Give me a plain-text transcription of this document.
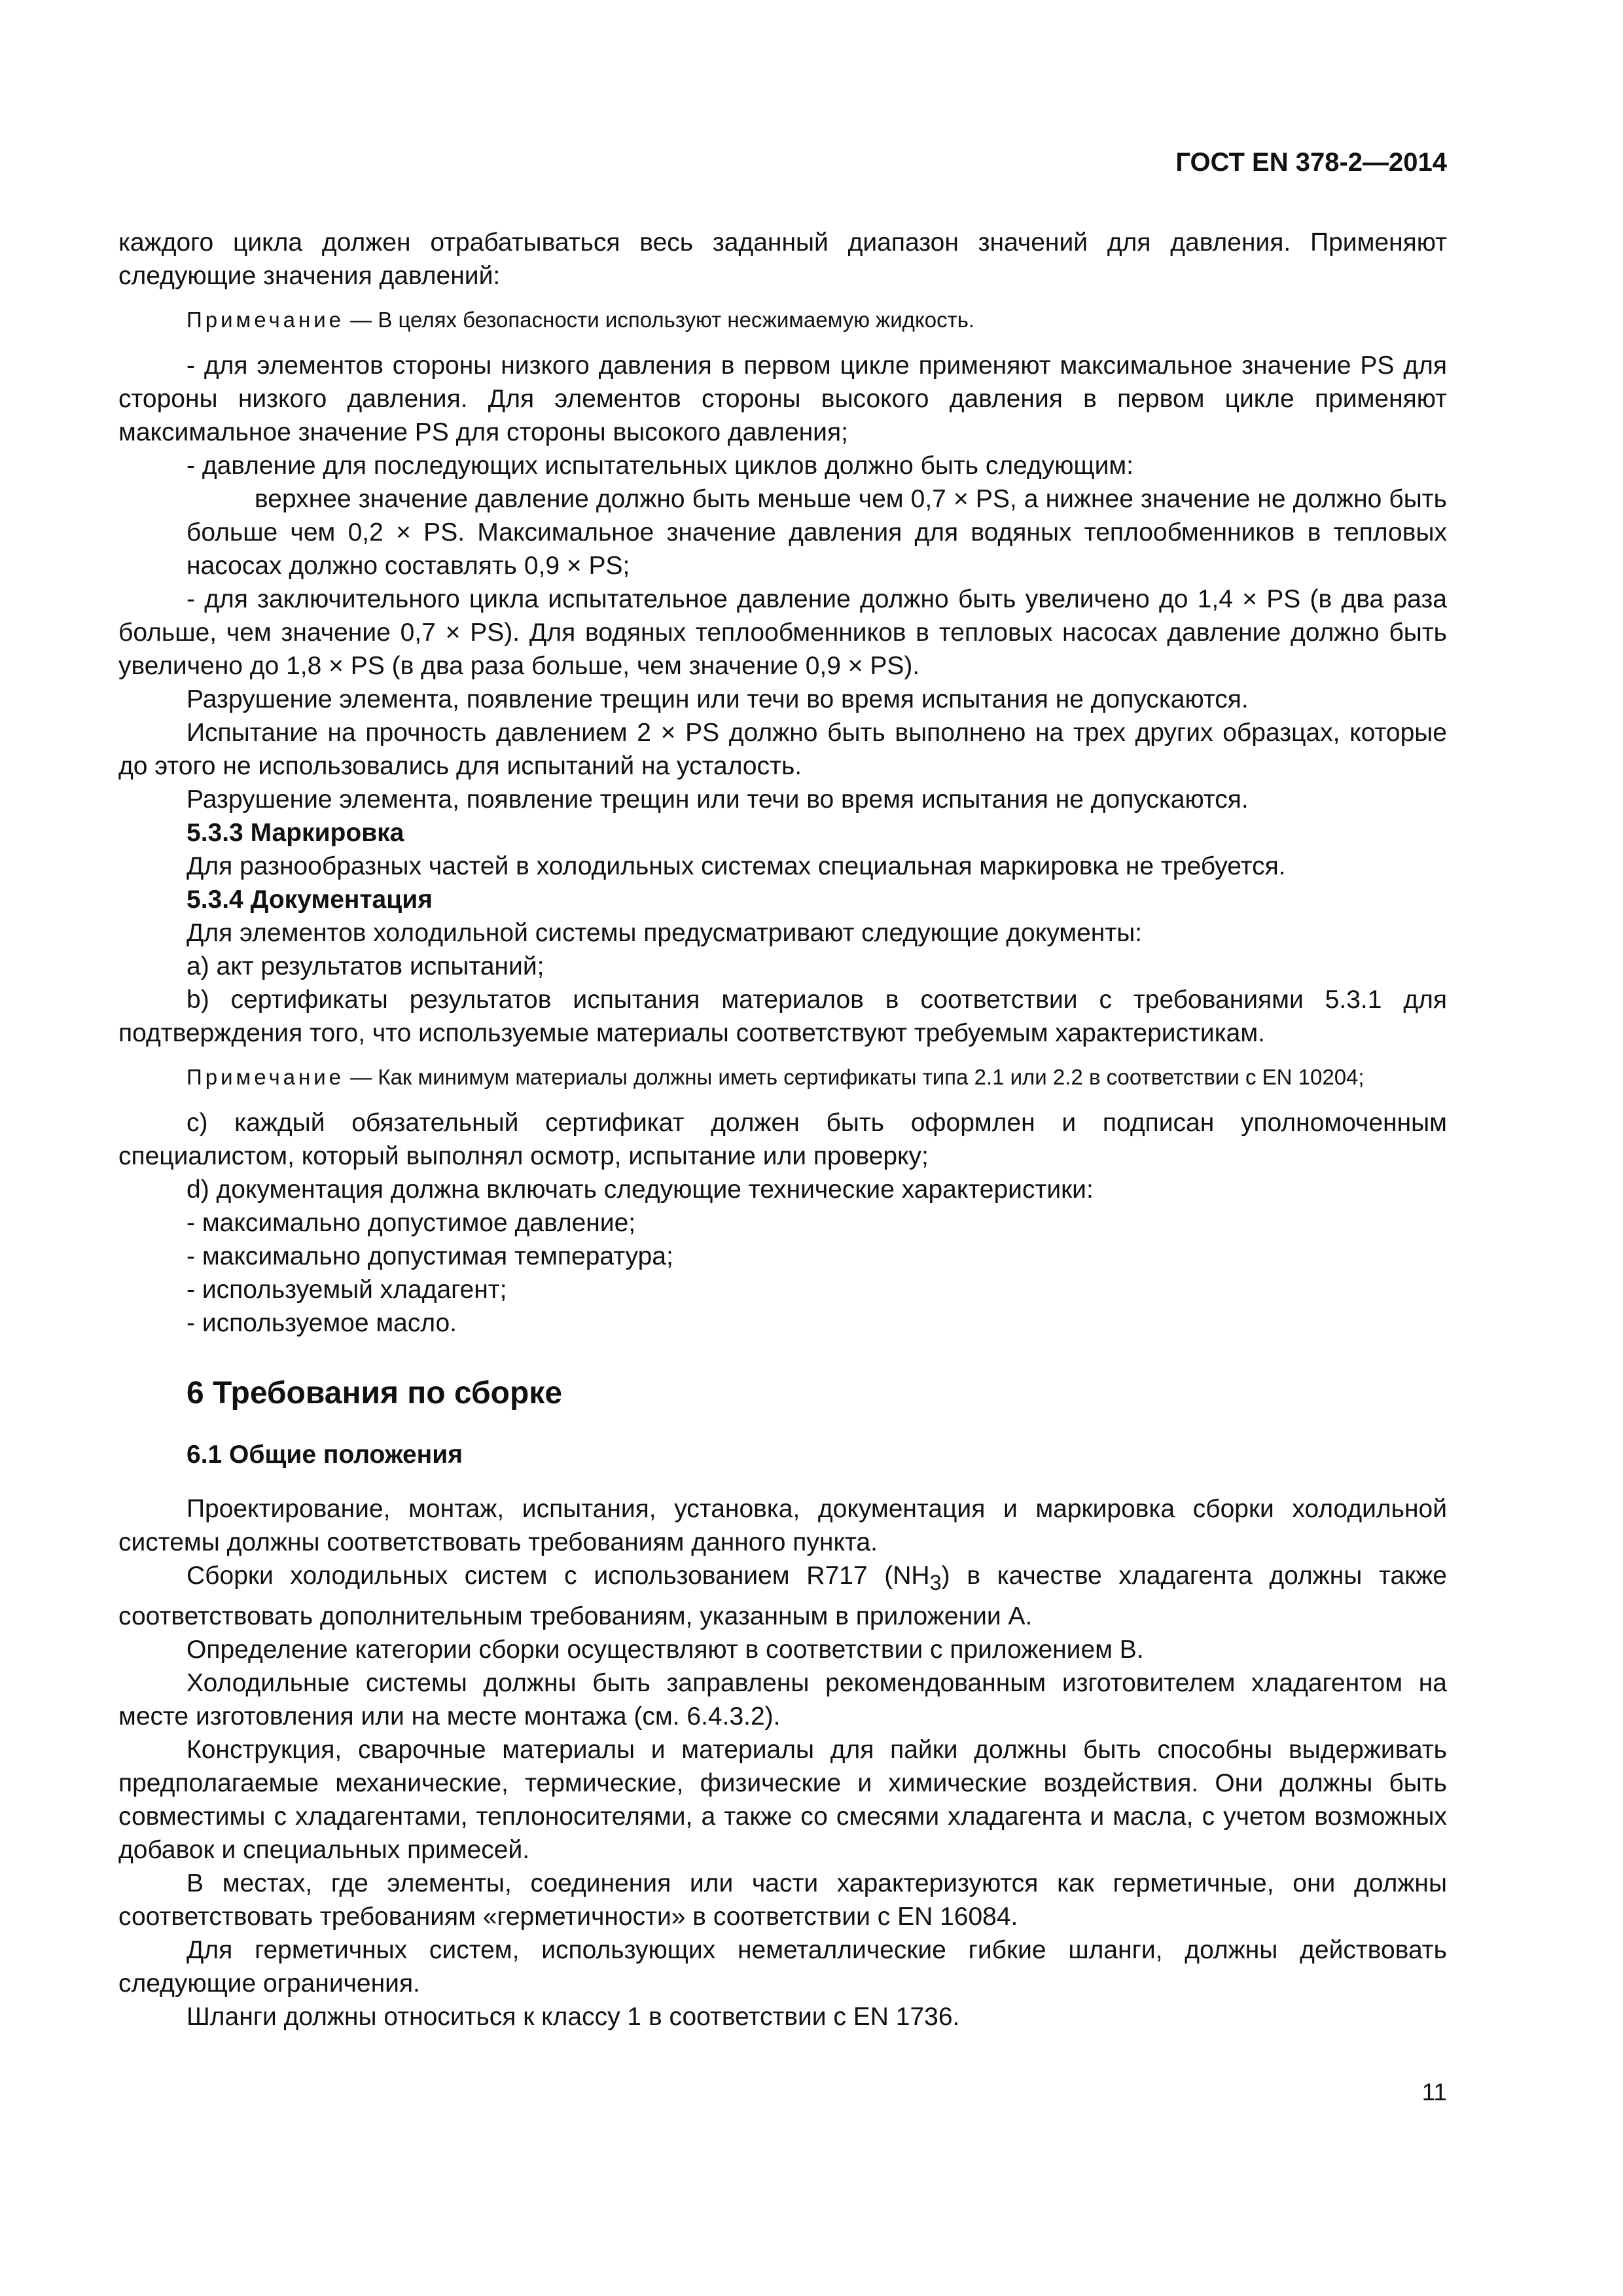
ГОСТ EN 378-2—2014

каждого цикла должен отрабатываться весь заданный диапазон значений для давления. Применяют следующие значения давлений:

Примечание — В целях безопасности используют несжимаемую жидкость.

- для элементов стороны низкого давления в первом цикле применяют максимальное значение PS для стороны низкого давления. Для элементов стороны высокого давления в первом цикле применяют максимальное значение PS для стороны высокого давления;

- давление для последующих испытательных циклов должно быть следующим:

верхнее значение давление должно быть меньше чем 0,7 × PS, а нижнее значение не должно быть больше чем 0,2 × PS. Максимальное значение давления для водяных теплообменников в тепловых насосах должно составлять 0,9 × PS;

- для заключительного цикла испытательное давление должно быть увеличено до 1,4 × PS (в два раза больше, чем значение 0,7 × PS). Для водяных теплообменников в тепловых насосах давление должно быть увеличено до 1,8 × PS (в два раза больше, чем значение 0,9 × PS).

Разрушение элемента, появление трещин или течи во время испытания не допускаются.

Испытание на прочность давлением 2 × PS должно быть выполнено на трех других образцах, которые до этого не использовались для испытаний на усталость.

Разрушение элемента, появление трещин или течи во время испытания не допускаются.

5.3.3 Маркировка

Для разнообразных частей в холодильных системах специальная маркировка не требуется.

5.3.4 Документация

Для элементов холодильной системы предусматривают следующие документы:

a) акт результатов испытаний;

b) сертификаты результатов испытания материалов в соответствии с требованиями 5.3.1 для подтверждения того, что используемые материалы соответствуют требуемым характеристикам.

Примечание — Как минимум материалы должны иметь сертификаты типа 2.1 или 2.2 в соответствии с EN 10204;

c) каждый обязательный сертификат должен быть оформлен и подписан уполномоченным специалистом, который выполнял осмотр, испытание или проверку;

d) документация должна включать следующие технические характеристики:

- максимально допустимое давление;

- максимально допустимая температура;

- используемый хладагент;

- используемое масло.

6 Требования по сборке
6.1 Общие положения

Проектирование, монтаж, испытания, установка, документация и маркировка сборки холодильной системы должны соответствовать требованиям данного пункта.

Сборки холодильных систем с использованием R717 $(NH_3)$ в качестве хладагента должны также соответствовать дополнительным требованиям, указанным в приложении А.

Определение категории сборки осуществляют в соответствии с приложением В.

Холодильные системы должны быть заправлены рекомендованным изготовителем хладагентом на месте изготовления или на месте монтажа (см. 6.4.3.2).

Конструкция, сварочные материалы и материалы для пайки должны быть способны выдерживать предполагаемые механические, термические, физические и химические воздействия. Они должны быть совместимы с хладагентами, теплоносителями, а также со смесями хладагента и масла, с учетом возможных добавок и специальных примесей.

В местах, где элементы, соединения или части характеризуются как герметичные, они должны соответствовать требованиям «герметичности» в соответствии с EN 16084.

Для герметичных систем, использующих неметаллические гибкие шланги, должны действовать следующие ограничения.

Шланги должны относиться к классу 1 в соответствии с EN 1736.

11
